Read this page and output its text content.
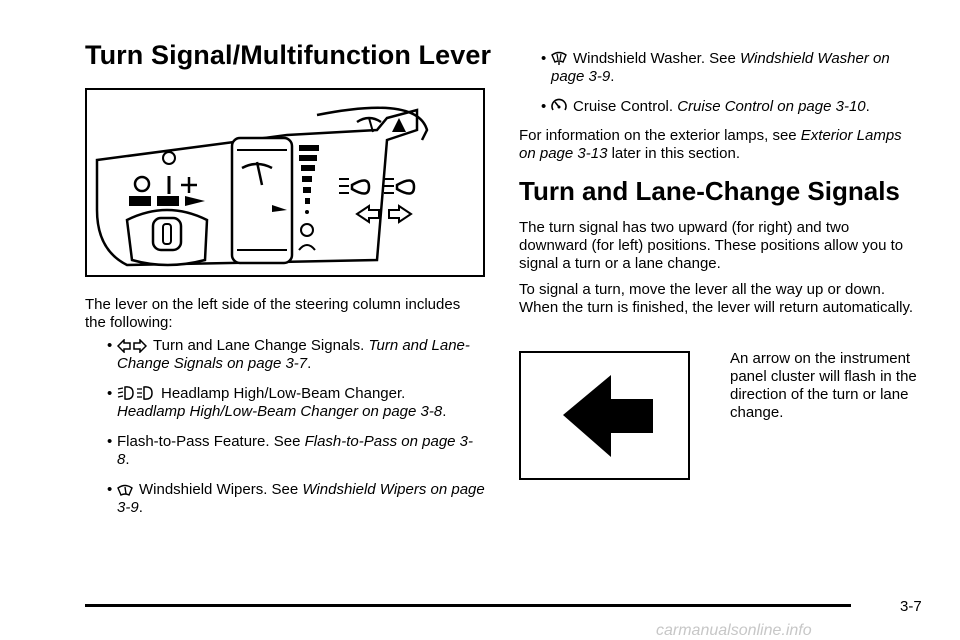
Turn Signal/Multifunction Lever
The lever on the left side of the steering column includes the following:
• Turn and Lane Change Signals. Turn and Lane-Change Signals on page 3-7.
• Headlamp High/Low-Beam Changer.
Headlamp High/Low-Beam Changer on page 3-8.
• Flash-to-Pass Feature. See Flash-to-Pass on page 3-8.
• Windshield Wipers. See Windshield Wipers on page 3-9.
• Windshield Washer. See Windshield Washer on page 3-9.
• Cruise Control. Cruise Control on page 3-10.
For information on the exterior lamps, see Exterior Lamps on page 3-13 later in this section.
Turn and Lane-Change Signals
The turn signal has two upward (for right) and two downward (for left) positions. These positions allow you to signal a turn or a lane change.
To signal a turn, move the lever all the way up or down. When the turn is finished, the lever will return automatically.
An arrow on the instrument panel cluster will flash in the direction of the turn or lane change.
3-7
carmanualsonline.info
